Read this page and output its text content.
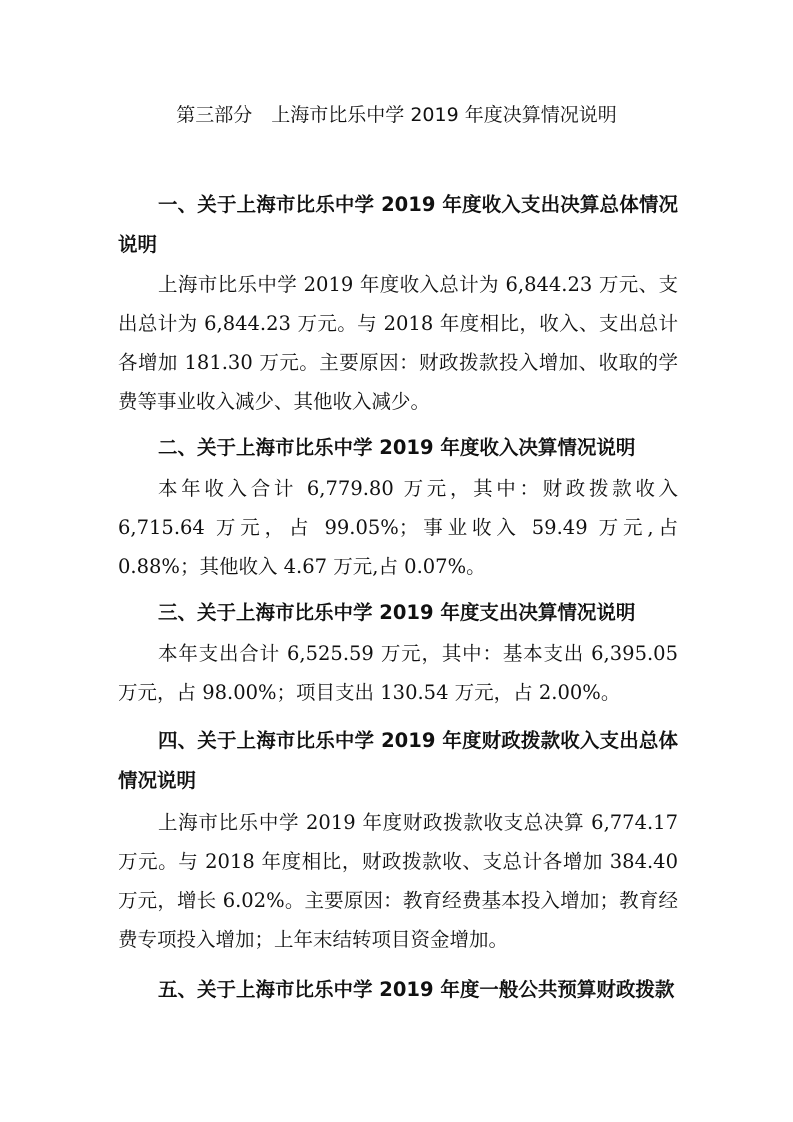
第三部分　上海市比乐中学 2019 年度决算情况说明
一、关于上海市比乐中学 2019 年度收入支出决算总体情况说明
上海市比乐中学 2019 年度收入总计为 6,844.23 万元、支出总计为 6,844.23 万元。与 2018 年度相比，收入、支出总计各增加 181.30 万元。主要原因：财政拨款投入增加、收取的学费等事业收入减少、其他收入减少。
二、关于上海市比乐中学 2019 年度收入决算情况说明
本年收入合计 6,779.80 万元，其中：财政拨款收入 6,715.64 万元，占 99.05%；事业收入 59.49 万元,占 0.88%；其他收入 4.67 万元,占 0.07%。
三、关于上海市比乐中学 2019 年度支出决算情况说明
本年支出合计 6,525.59 万元，其中：基本支出 6,395.05 万元，占 98.00%；项目支出 130.54 万元，占 2.00%。
四、关于上海市比乐中学 2019 年度财政拨款收入支出总体情况说明
上海市比乐中学 2019 年度财政拨款收支总决算 6,774.17 万元。与 2018 年度相比，财政拨款收、支总计各增加 384.40 万元，增长 6.02%。主要原因：教育经费基本投入增加；教育经费专项投入增加；上年末结转项目资金增加。
五、关于上海市比乐中学 2019 年度一般公共预算财政拨款
